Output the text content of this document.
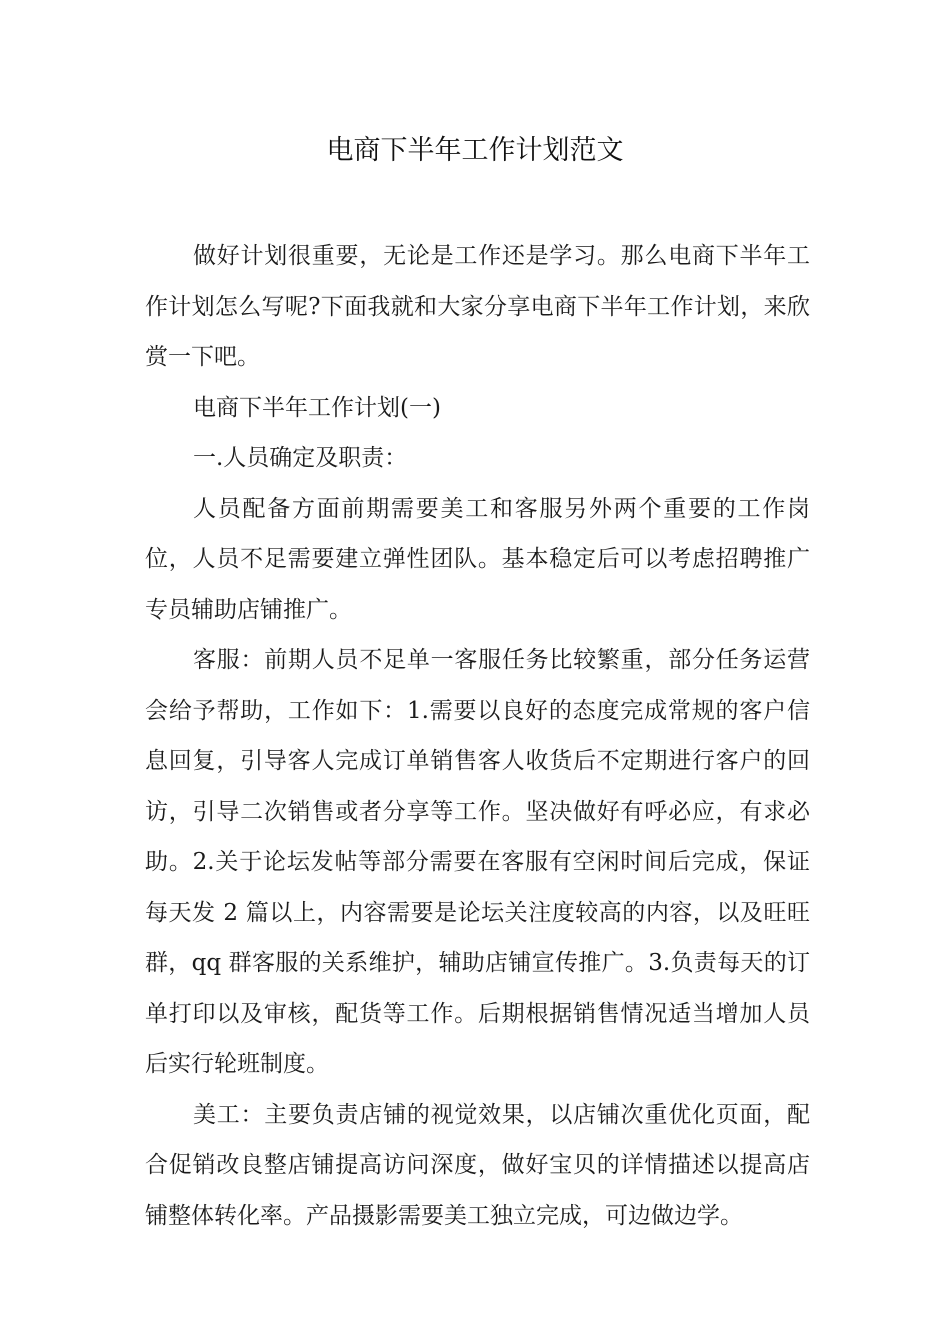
电商下半年工作计划范文

做好计划很重要，无论是工作还是学习。那么电商下半年工作计划怎么写呢?下面我就和大家分享电商下半年工作计划，来欣赏一下吧。

电商下半年工作计划(一)

一.人员确定及职责：

人员配备方面前期需要美工和客服另外两个重要的工作岗位，人员不足需要建立弹性团队。基本稳定后可以考虑招聘推广专员辅助店铺推广。

客服：前期人员不足单一客服任务比较繁重，部分任务运营会给予帮助，工作如下：1.需要以良好的态度完成常规的客户信息回复，引导客人完成订单销售客人收货后不定期进行客户的回访，引导二次销售或者分享等工作。坚决做好有呼必应，有求必助。2.关于论坛发帖等部分需要在客服有空闲时间后完成，保证每天发 2 篇以上，内容需要是论坛关注度较高的内容，以及旺旺群，qq 群客服的关系维护，辅助店铺宣传推广。3.负责每天的订单打印以及审核，配货等工作。后期根据销售情况适当增加人员后实行轮班制度。

美工：主要负责店铺的视觉效果，以店铺次重优化页面，配合促销改良整店铺提高访问深度，做好宝贝的详情描述以提高店铺整体转化率。产品摄影需要美工独立完成，可边做边学。
